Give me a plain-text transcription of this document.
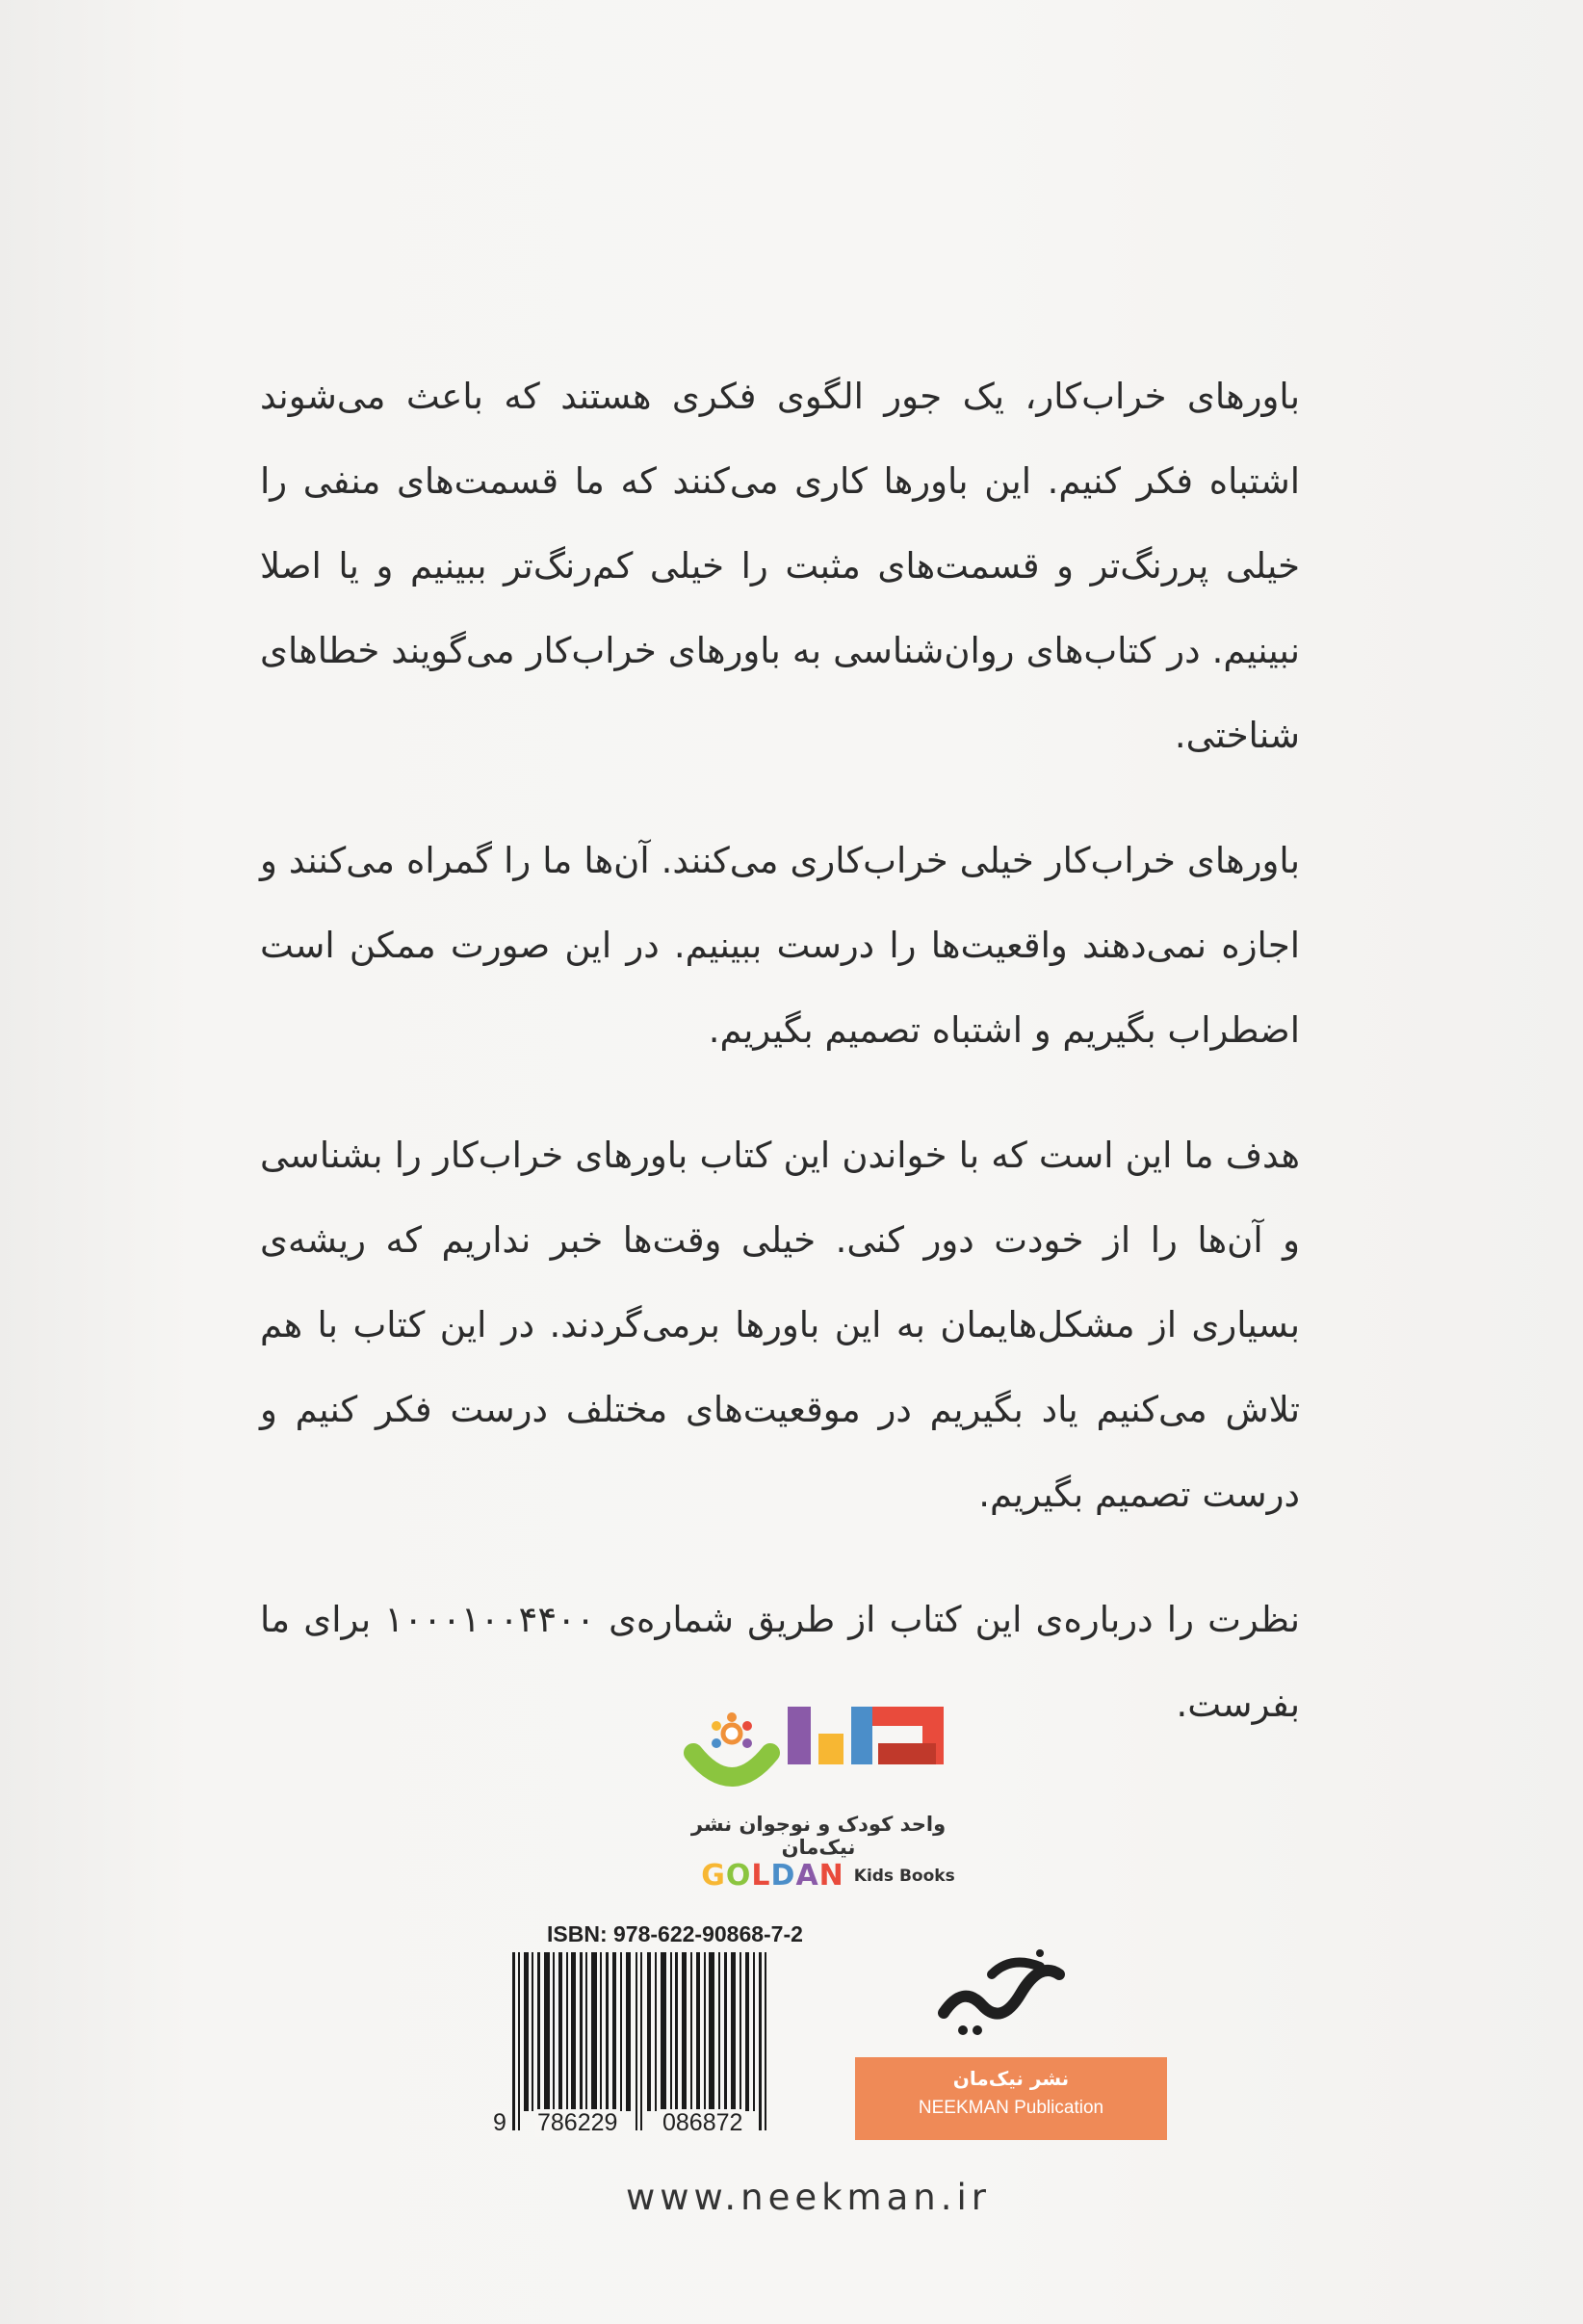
باورهای خراب‌کار، یک جور الگوی فکری هستند که باعث می‌شوند اشتباه فکر کنیم. این باورها کاری می‌کنند که ما قسمت‌های منفی را خیلی پررنگ‌تر و قسمت‌های مثبت را خیلی کم‌رنگ‌تر ببینیم و یا اصلا نبینیم. در کتاب‌های روان‌شناسی به باورهای خراب‌کار می‌گویند خطاهای شناختی.

باورهای خراب‌کار خیلی خراب‌کاری می‌کنند. آن‌ها ما را گمراه می‌کنند و اجازه نمی‌دهند واقعیت‌ها را درست ببینیم. در این صورت ممکن است اضطراب بگیریم و اشتباه تصمیم بگیریم.

هدف ما این است که با خواندن این کتاب باورهای خراب‌کار را بشناسی و آن‌ها را از خودت دور کنی. خیلی وقت‌ها خبر نداریم که ریشه‌ی بسیاری از مشکل‌هایمان به این باورها برمی‌گردند. در این کتاب با هم تلاش می‌کنیم یاد بگیریم در موقعیت‌های مختلف درست فکر کنیم و درست تصمیم بگیریم.

نظرت را درباره‌ی این کتاب از طریق شماره‌ی ۱۰۰۰۱۰۰۴۴۰۰ برای ما بفرست.

واحد کودک و نوجوان نشر نیک‌مان
GOLDAN Kids Books
ISBN: 978-622-90868-7-2
9 786229 086872
نشر نیک‌مان
NEEKMAN Publication
www.neekman.ir
